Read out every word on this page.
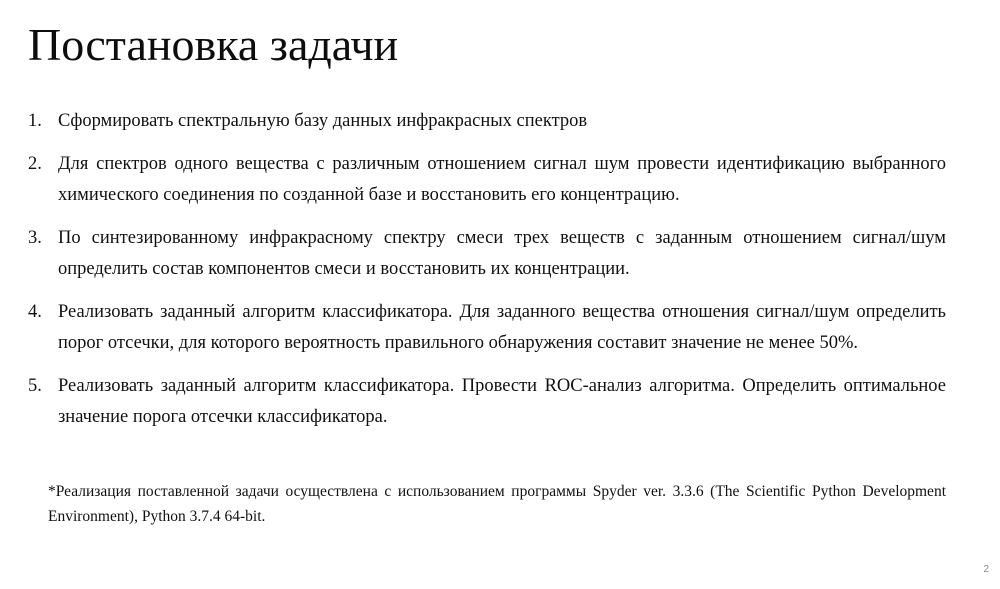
Постановка задачи
1. Сформировать спектральную базу данных инфракрасных спектров
2. Для спектров одного вещества с различным отношением сигнал шум провести идентификацию выбранного химического соединения по созданной базе и восстановить его концентрацию.
3. По синтезированному инфракрасному спектру смеси трех веществ с заданным отношением сигнал/шум определить состав компонентов смеси и восстановить их концентрации.
4. Реализовать заданный алгоритм классификатора. Для заданного вещества отношения сигнал/шум определить порог отсечки, для которого вероятность правильного обнаружения составит значение не менее 50%.
5. Реализовать заданный алгоритм классификатора. Провести ROC-анализ алгоритма. Определить оптимальное значение порога отсечки классификатора.

*Реализация поставленной задачи осуществлена с использованием программы Spyder ver. 3.3.6 (The Scientific Python Development Environment), Python 3.7.4 64-bit.

2
